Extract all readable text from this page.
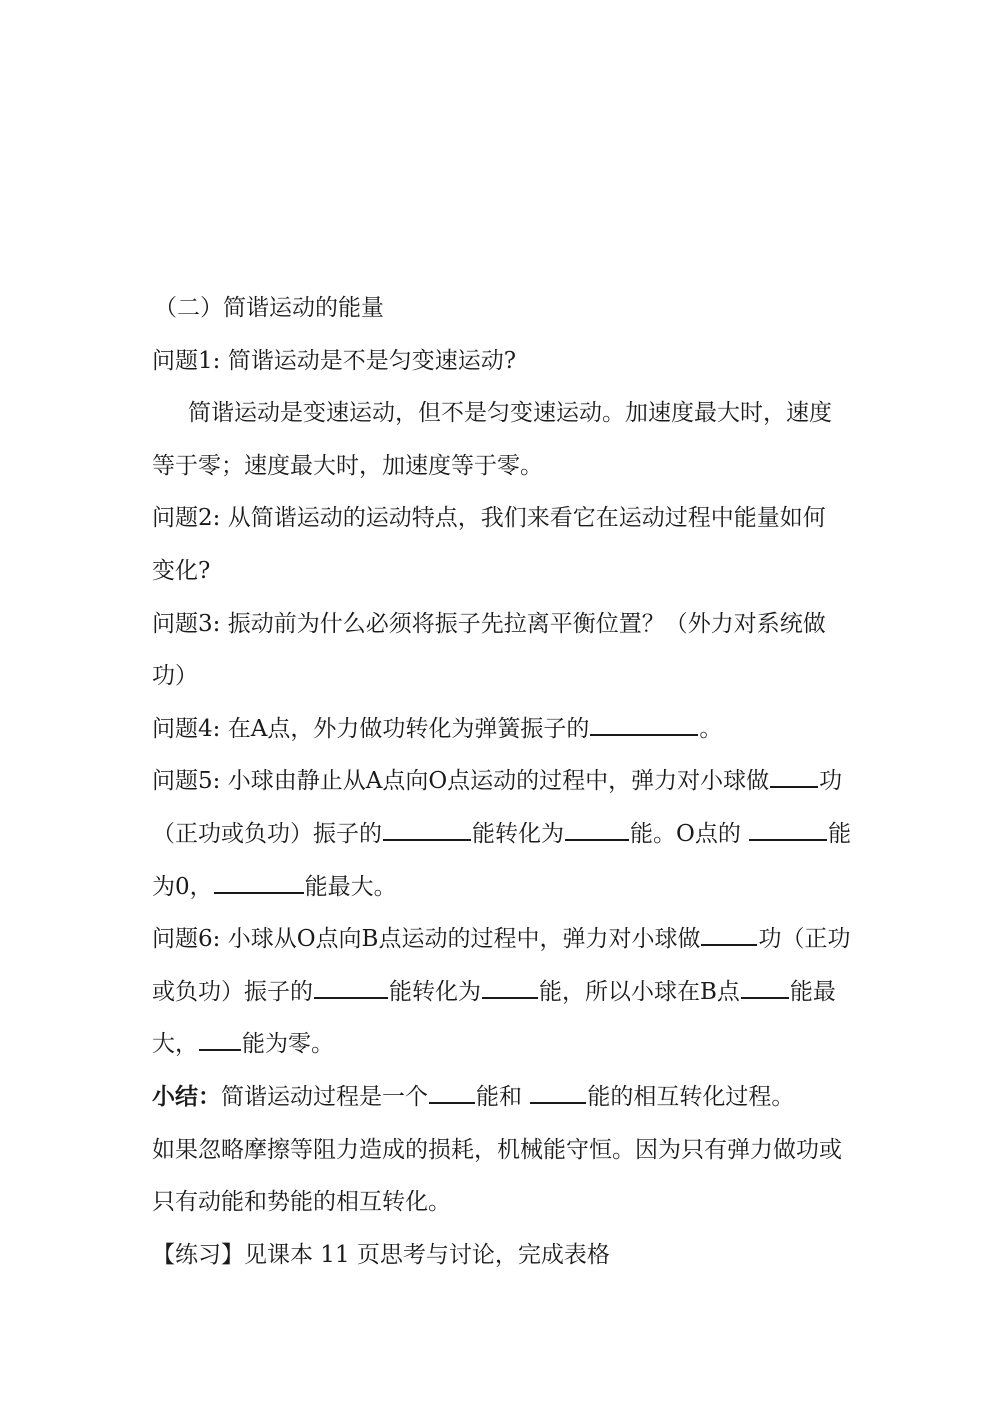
（二）简谐运动的能量
问题1: 简谐运动是不是匀变速运动?
简谐运动是变速运动，但不是匀变速运动。加速度最大时，速度
等于零；速度最大时，加速度等于零。
问题2: 从简谐运动的运动特点，我们来看它在运动过程中能量如何
变化?
问题3: 振动前为什么必须将振子先拉离平衡位置？（外力对系统做
功）
问题4: 在A点，外力做功转化为弹簧振子的	。
问题5: 小球由静止从A点向O点运动的过程中，弹力对小球做 功
（正功或负功）振子的	能转化为	能。O点的	能
为0，	能最大。
问题6: 小球从O点向B点运动的过程中，弹力对小球做	功（正功
或负功）振子的	能转化为	能，所以小球在B点 能最
大， 能为零。
小结：简谐运动过程是一个 能和	能的相互转化过程。
如果忽略摩擦等阻力造成的损耗，机械能守恒。因为只有弹力做功或
只有动能和势能的相互转化。
【练习】见课本 11 页思考与讨论，完成表格
